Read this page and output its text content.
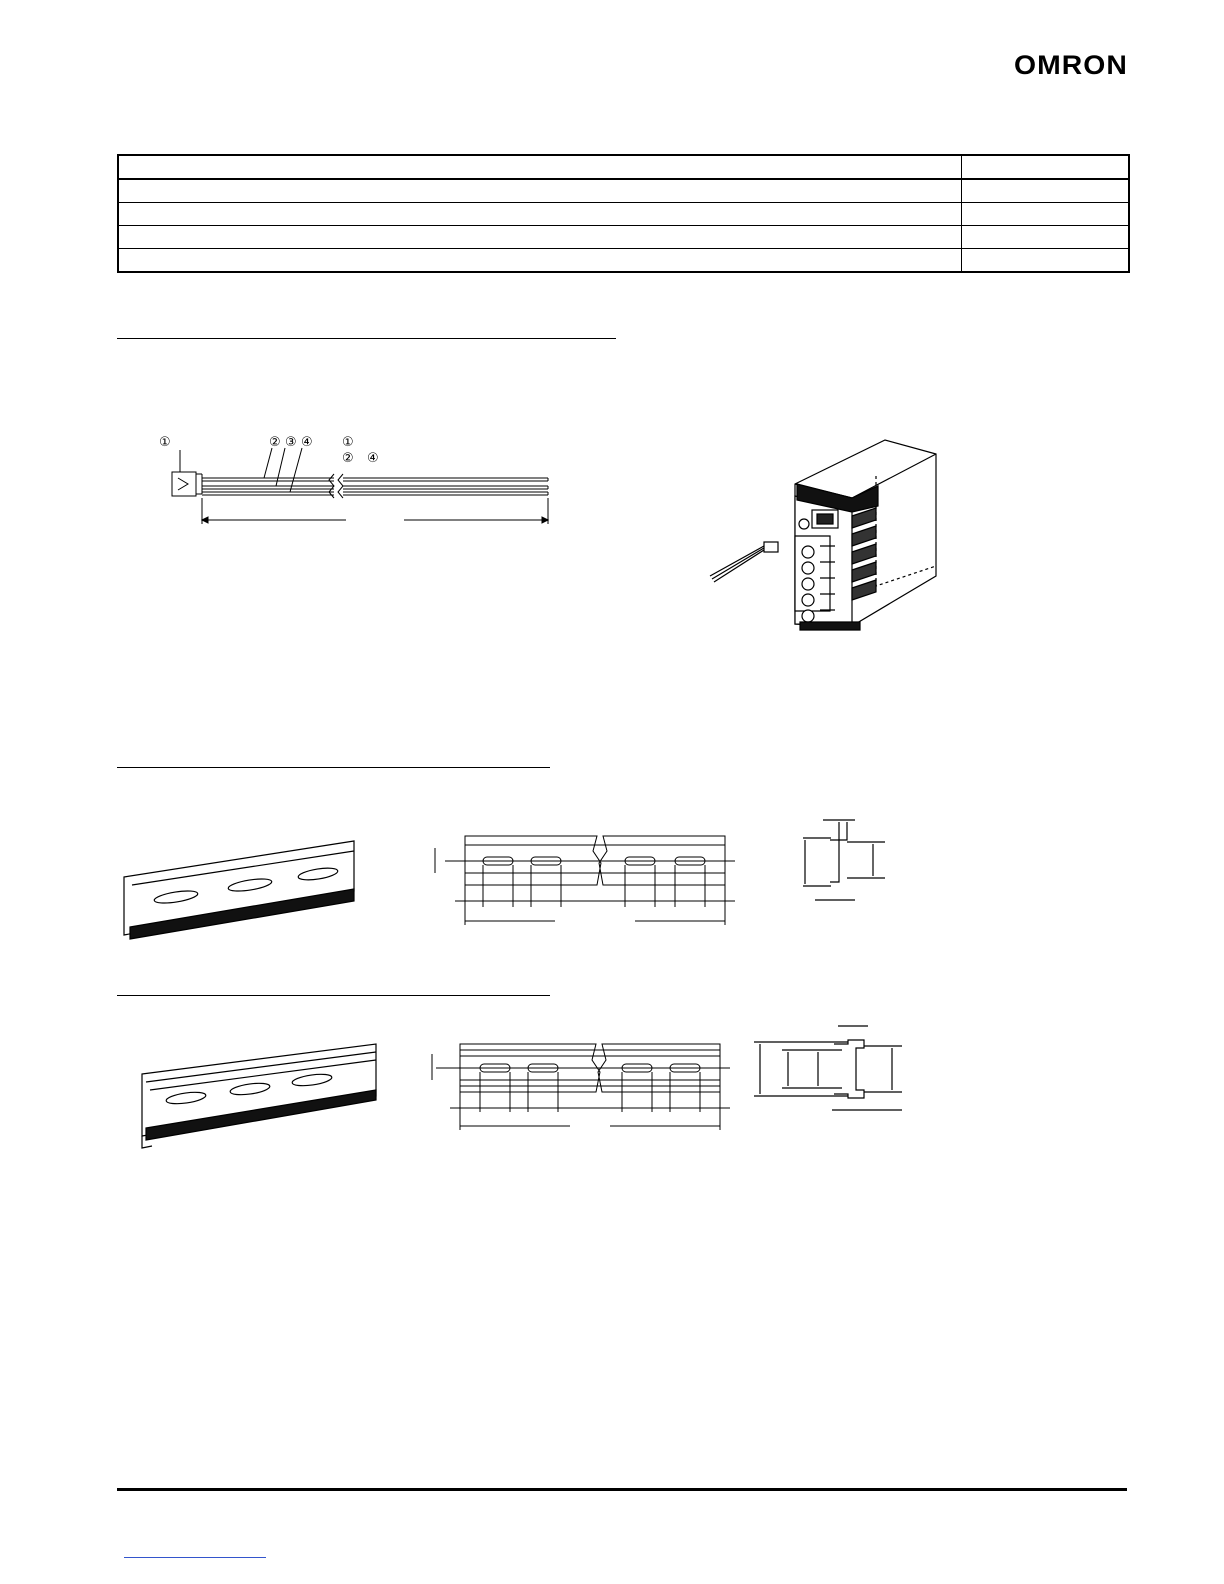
OMRON

①	② ③ ④ ①
② ④
